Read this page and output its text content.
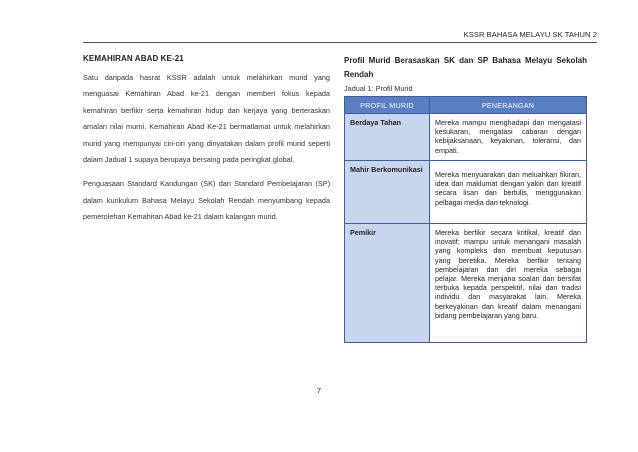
KSSR BAHASA MELAYU SK TAHUN 2
KEMAHIRAN ABAD KE-21

Satu daripada hasrat KSSR adalah untuk melahirkan murid yang menguasai Kemahiran Abad ke-21 dengan memberi fokus kepada kemahiran berfikir serta kemahiran hidup dan kerjaya yang berteraskan amalan nilai murni. Kemahiran Abad Ke-21 bermatlamat untuk melahirkan murid yang mempunyai ciri-ciri yang dinyatakan dalam profil murid seperti dalam Jadual 1 supaya berupaya bersaing pada peringkat global.

Penguasaan Standard Kandungan (SK) dan Standard Pembelajaran (SP) dalam kurikulum Bahasa Melayu Sekolah Rendah menyumbang kepada pemerolehan Kemahiran Abad ke-21 dalam kalangan murid.

Profil Murid Berasaskan SK dan SP Bahasa Melayu Sekolah Rendah

Jadual 1: Profil Murid
PROFIL MURID	PENERANGAN
Berdaya Tahan	Mereka mampu menghadapi dan mengatasi kesukaran, mengatasi cabaran dengan kebijaksanaan, keyakinan, toleransi, dan empati.
Mahir Berkomunikasi	Mereka menyuarakan dan meluahkan fikiran, idea dan maklumat dengan yakin dan kreatif secara lisan dan bertulis, menggunakan pelbagai media dan teknologi.
Pemikir	Mereka berfikir secara kritikal, kreatif dan inovatif; mampu untuk menangani masalah yang kompleks dan membuat keputusan yang beretika. Mereka berfikir tentang pembelajaran dan diri mereka sebagai pelajar. Mereka menjana soalan dan bersifat terbuka kepada perspektif, nilai dan tradisi individu dan masyarakat lain. Mereka berkeyakinan dan kreatif dalam menangani bidang pembelajaran yang baru.
7
